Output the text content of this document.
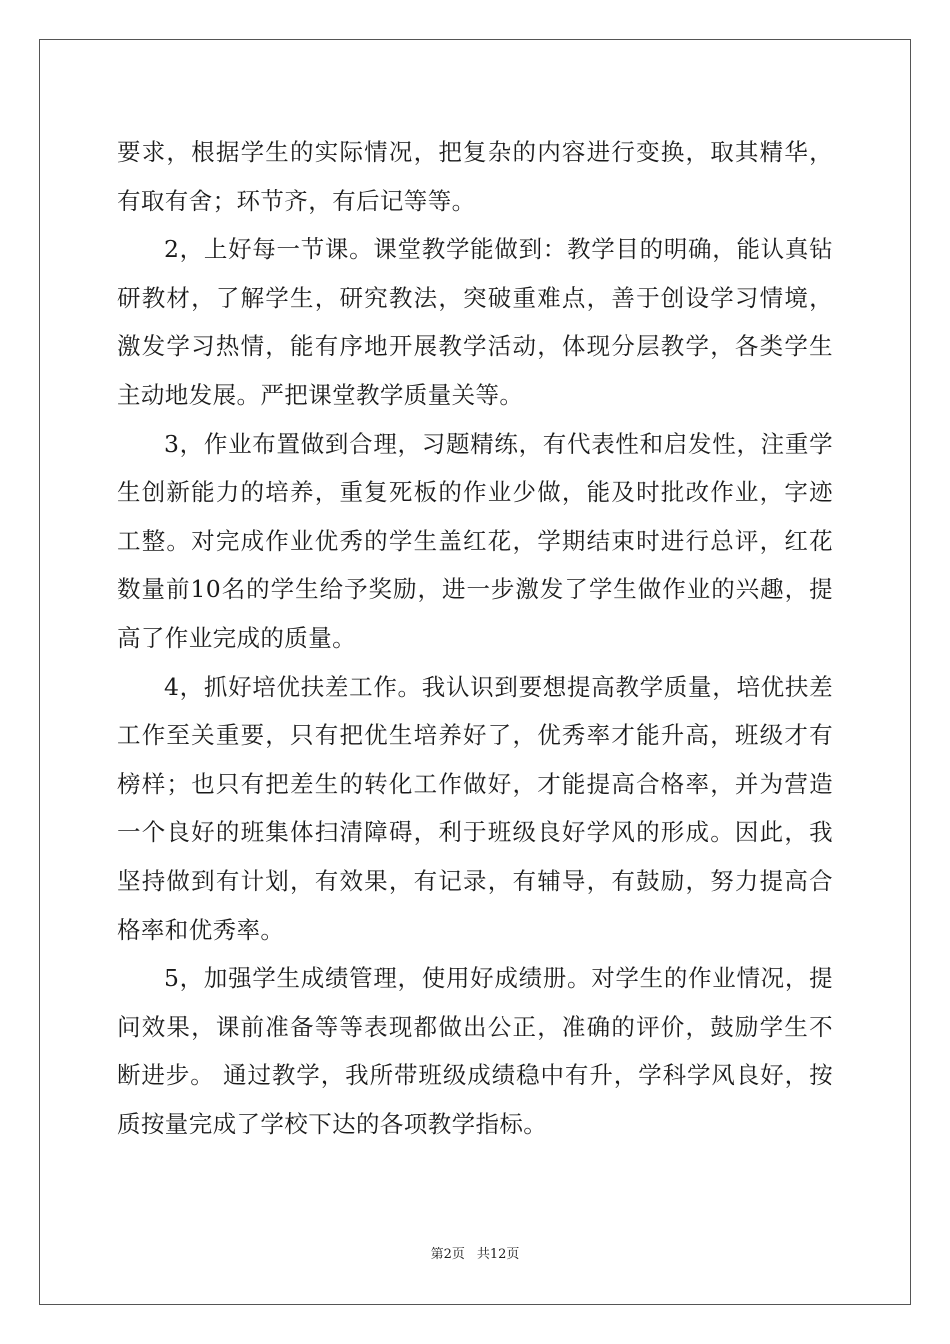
要求，根据学生的实际情况，把复杂的内容进行变换，取其精华，有取有舍；环节齐，有后记等等。

2，上好每一节课。课堂教学能做到：教学目的明确，能认真钻研教材，了解学生，研究教法，突破重难点，善于创设学习情境，激发学习热情，能有序地开展教学活动，体现分层教学，各类学生主动地发展。严把课堂教学质量关等。

3，作业布置做到合理，习题精练，有代表性和启发性，注重学生创新能力的培养，重复死板的作业少做，能及时批改作业，字迹工整。对完成作业优秀的学生盖红花，学期结束时进行总评，红花数量前10名的学生给予奖励，进一步激发了学生做作业的兴趣，提高了作业完成的质量。

4，抓好培优扶差工作。我认识到要想提高教学质量，培优扶差工作至关重要，只有把优生培养好了，优秀率才能升高，班级才有榜样；也只有把差生的转化工作做好，才能提高合格率，并为营造一个良好的班集体扫清障碍，利于班级良好学风的形成。因此，我坚持做到有计划，有效果，有记录，有辅导，有鼓励，努力提高合格率和优秀率。

5，加强学生成绩管理，使用好成绩册。对学生的作业情况，提问效果，课前准备等等表现都做出公正，准确的评价，鼓励学生不断进步。 通过教学，我所带班级成绩稳中有升，学科学风良好，按质按量完成了学校下达的各项教学指标。

第2页 共12页
